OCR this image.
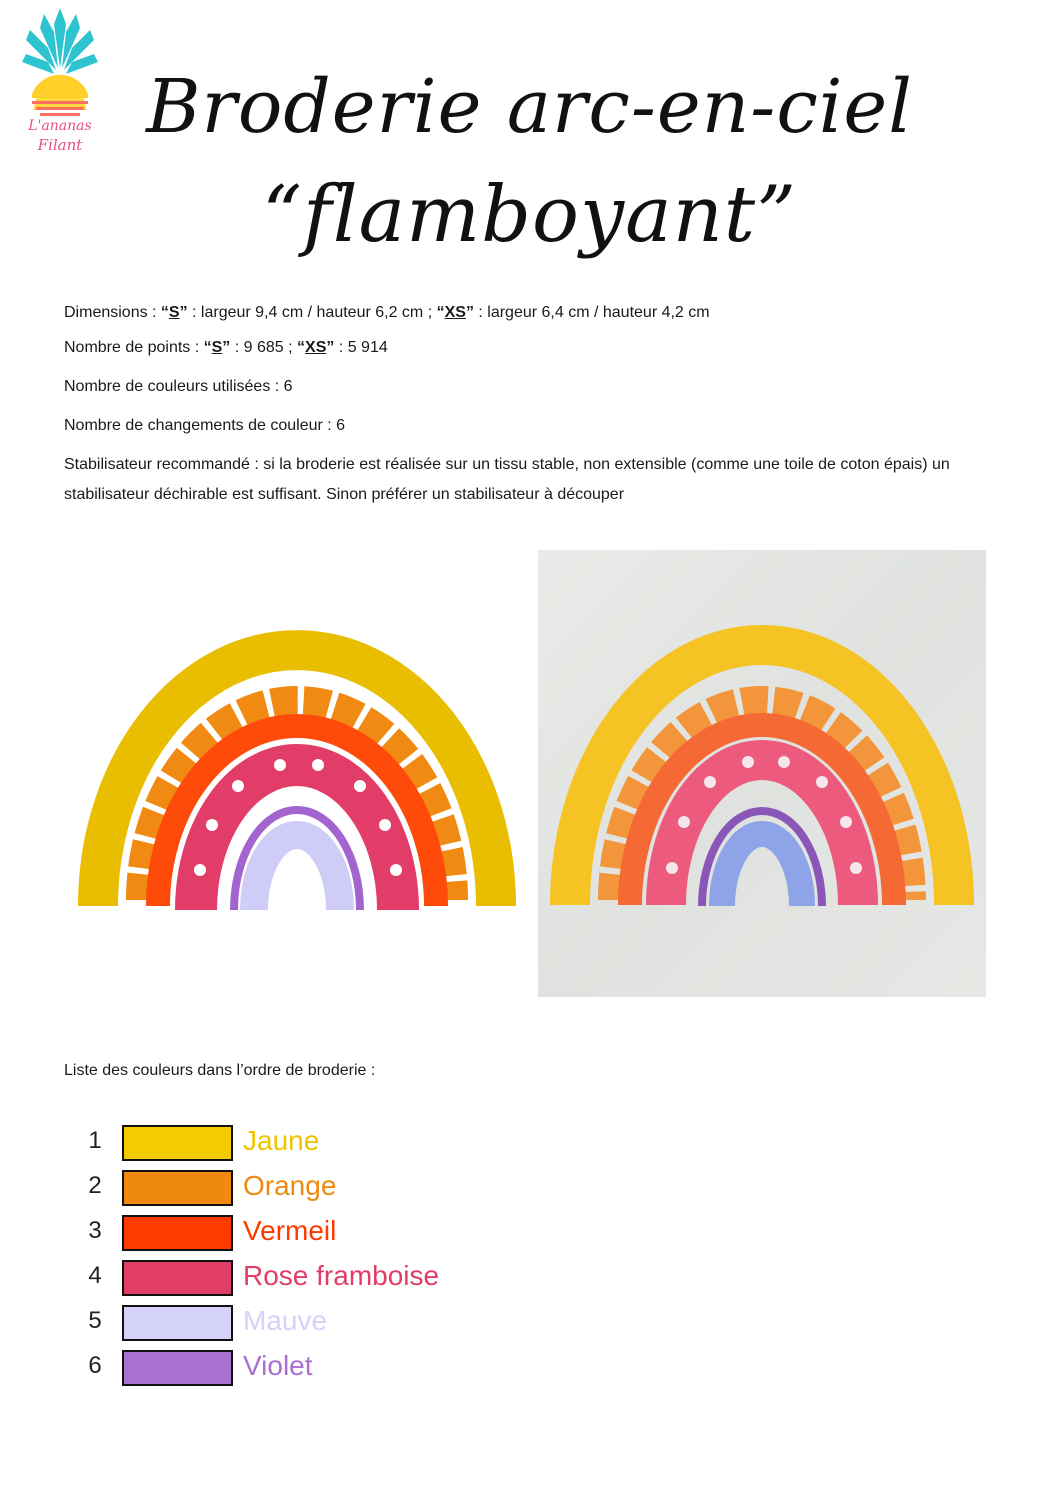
L'ananas
Filant Broderie arc-en-ciel
“flamboyant”
Dimensions : “S” : largeur 9,4 cm / hauteur 6,2 cm ; “XS” : largeur 6,4 cm / hauteur 4,2 cm
Nombre de points : “S” : 9 685 ; “XS” : 5 914
Nombre de couleurs utilisées : 6
Nombre de changements de couleur : 6
Stabilisateur recommandé : si la broderie est réalisée sur un tissu stable, non extensible (comme une toile de coton épais) un stabilisateur déchirable est suffisant. Sinon préférer un stabilisateur à découper
Liste des couleurs dans l’ordre de broderie :
1	Jaune
2	Orange
3	Vermeil
4	Rose framboise
5	Mauve
6	Violet
